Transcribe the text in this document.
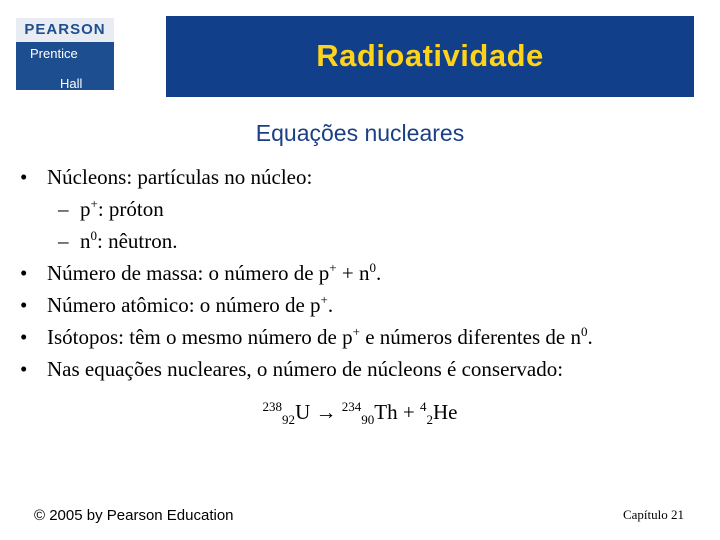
PEARSON
Prentice
Hall
Radioatividade
Equações nucleares
• Núcleons: partículas no núcleo:
– p+: próton
– $n^0$: nêutron.
• Número de massa: o número de $p^+ + n^0$.
• Número atômico: o número de p+.
• Isótopos: têm o mesmo número de p+ e números diferentes de $n^0$.
• Nas equações nucleares, o número de núcleons é conservado:
$^{238}_{92}$U → $^{234}_{90}$Th + $^4_2$He
© 2005 by Pearson Education	Capítulo 21
